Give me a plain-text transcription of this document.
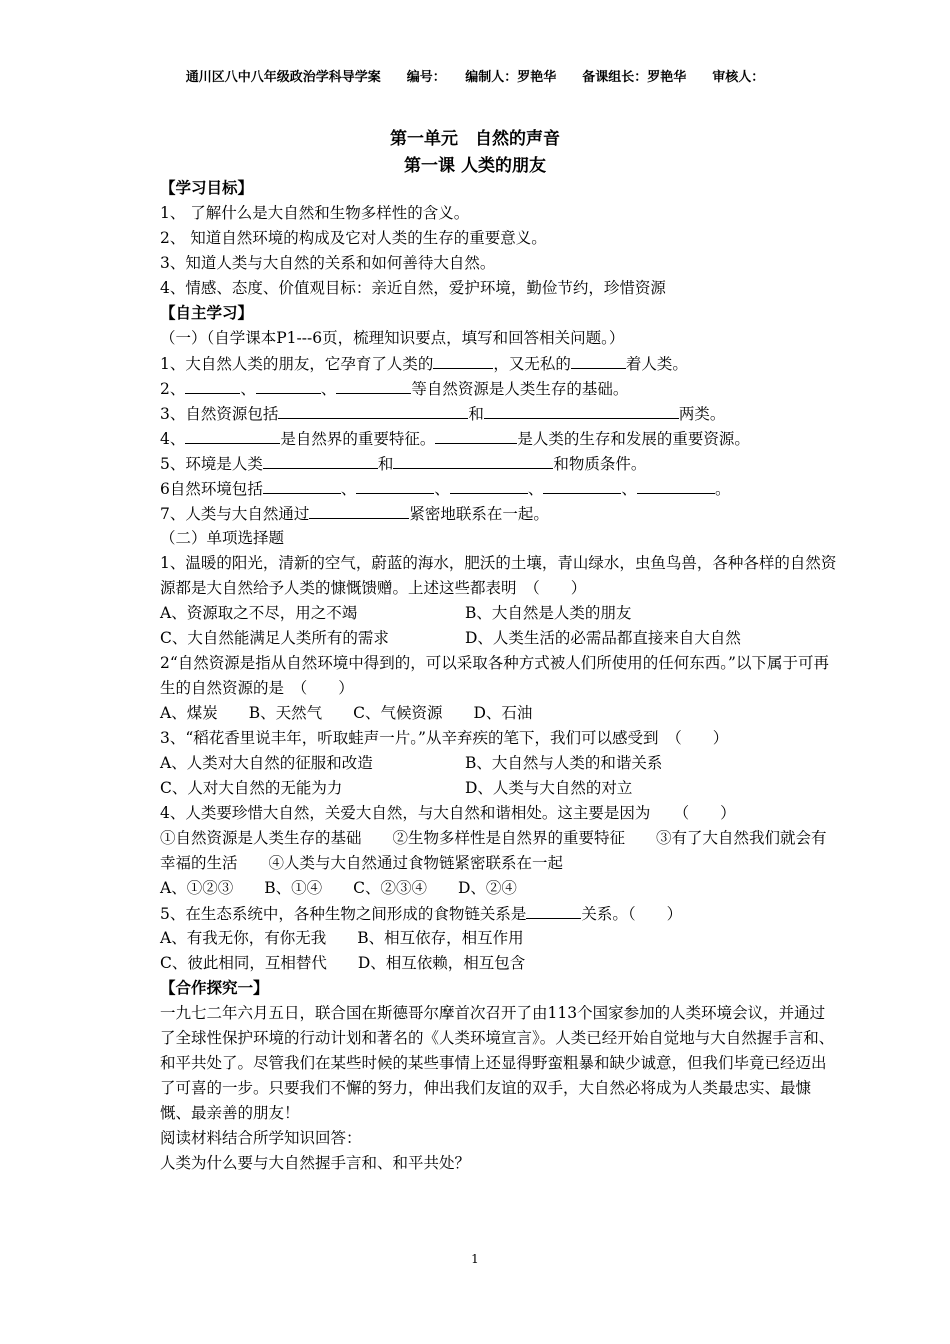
通川区八中八年级政治学科导学案　　编号：　　编制人：罗艳华　　备课组长：罗艳华　　审核人：
第一单元　自然的声音
第一课 人类的朋友
【学习目标】
1、 了解什么是大自然和生物多样性的含义。
2、 知道自然环境的构成及它对人类的生存的重要意义。
3、知道人类与大自然的关系和如何善待大自然。
4、情感、态度、价值观目标：亲近自然，爱护环境，勤俭节约，珍惜资源
【自主学习】
（一）（自学课本P1---6页，梳理知识要点，填写和回答相关问题。）
1、大自然人类的朋友，它孕育了人类的	，又无私的	着人类。
2、	、	、	等自然资源是人类生存的基础。
3、自然资源包括	和	两类。
4、	是自然界的重要特征。	是人类的生存和发展的重要资源。
5、环境是人类	和	和物质条件。
6自然环境包括	、	、	、	、	。
7、人类与大自然通过	紧密地联系在一起。
（二）单项选择题
1、温暖的阳光，清新的空气，蔚蓝的海水，肥沃的土壤，青山绿水，虫鱼鸟兽，各种各样的自然资源都是大自然给予人类的慷慨馈赠。上述这些都表明　（　　）
A、资源取之不尽，用之不竭	B、大自然是人类的朋友
C、大自然能满足人类所有的需求	D、人类生活的必需品都直接来自大自然
2“自然资源是指从自然环境中得到的，可以采取各种方式被人们所使用的任何东西。”以下属于可再生的自然资源的是　（　　）
A、煤炭　　B、天然气　　C、气候资源　　D、石油
3、“稻花香里说丰年，听取蛙声一片。”从辛弃疾的笔下，我们可以感受到　（　　）
A、人类对大自然的征服和改造	B、大自然与人类的和谐关系
C、人对大自然的无能为力	D、人类与大自然的对立
4、人类要珍惜大自然，关爱大自然，与大自然和谐相处。这主要是因为　　（　　）
①自然资源是人类生存的基础　　②生物多样性是自然界的重要特征　　③有了大自然我们就会有幸福的生活　　④人类与大自然通过食物链紧密联系在一起
A、①②③　　B、①④　　C、②③④　　D、②④
5、在生态系统中，各种生物之间形成的食物链关系是	关系。（　　）
A、有我无你，有你无我　　B、相互依存，相互作用
C、彼此相同，互相替代　　D、相互依赖，相互包含
【合作探究一】
一九七二年六月五日，联合国在斯德哥尔摩首次召开了由113个国家参加的人类环境会议，并通过了全球性保护环境的行动计划和著名的《人类环境宣言》。人类已经开始自觉地与大自然握手言和、和平共处了。尽管我们在某些时候的某些事情上还显得野蛮粗暴和缺少诚意，但我们毕竟已经迈出了可喜的一步。只要我们不懈的努力，伸出我们友谊的双手，大自然必将成为人类最忠实、最慷慨、最亲善的朋友！
阅读材料结合所学知识回答：
人类为什么要与大自然握手言和、和平共处？
1
